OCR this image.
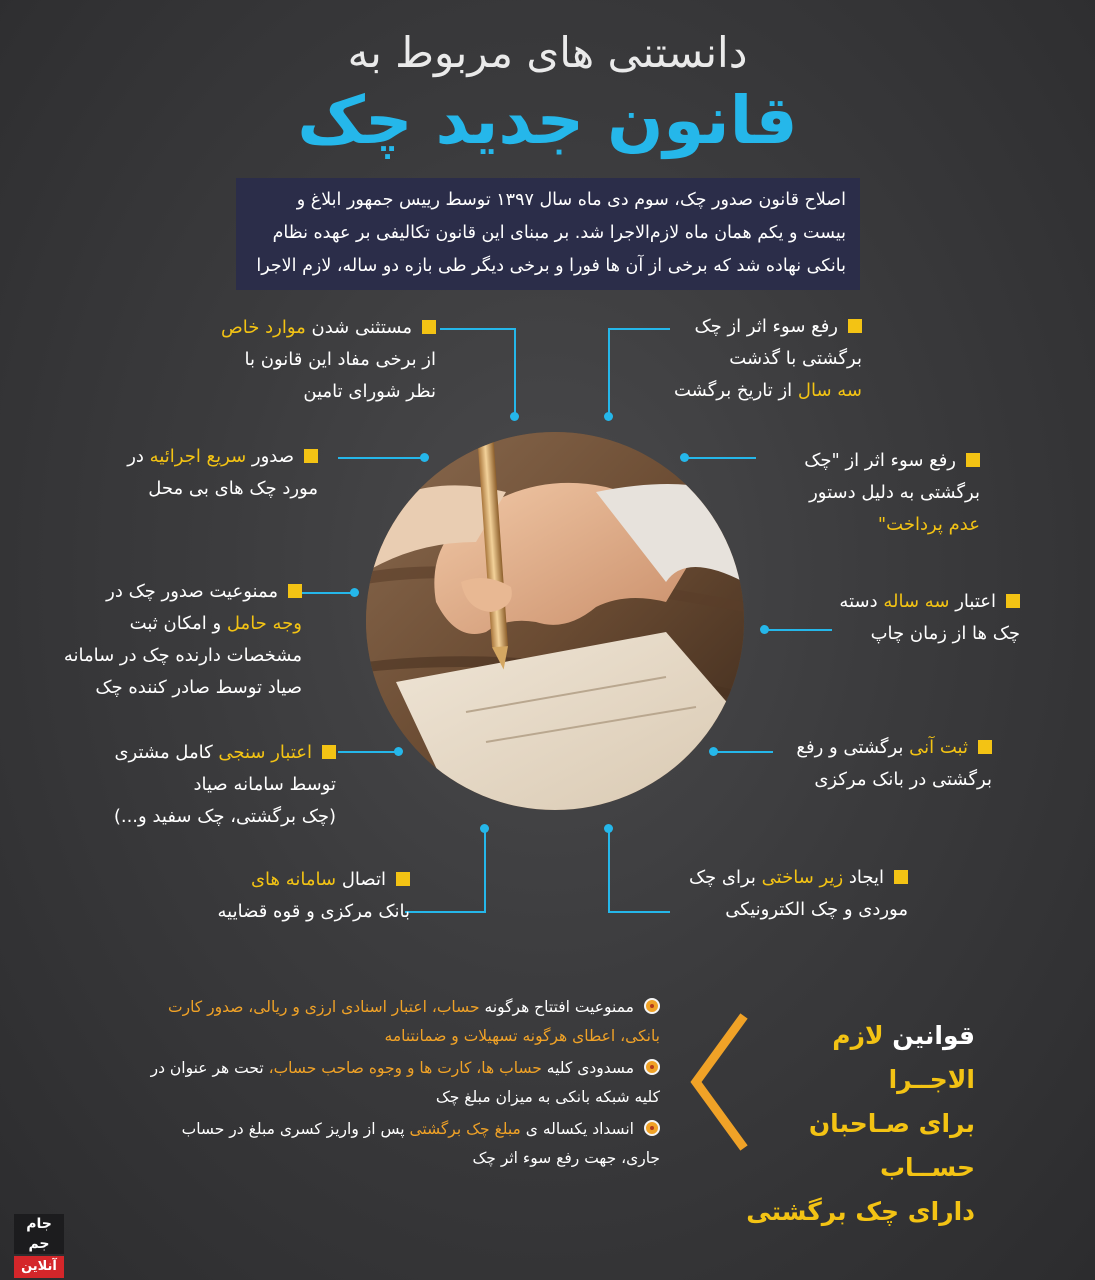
دانستنی های مربوط به
قانون جدید چک
اصلاح قانون صدور چک، سوم دی ماه سال ۱۳۹۷ توسط رییس جمهور ابلاغ و
بیست و یکم همان ماه لازم‌الاجرا شد. بر مبنای این قانون تکالیفی بر عهده نظام
بانکی نهاده شد که برخی از آن ها فورا و برخی دیگر طی بازه دو ساله، لازم الاجرا
رفع سوء اثر از چک
برگشتی با گذشت
سه سال از تاریخ برگشت
رفع سوء اثر از "چک
برگشتی به دلیل دستور
عدم پرداخت"
اعتبار سه ساله دسته
چک ها از زمان چاپ
ثبت آنی برگشتی و رفع
برگشتی در بانک مرکزی
ایجاد زیر ساختی برای چک
موردی و چک الکترونیکی
مستثنی شدن موارد خاص
از برخی مفاد این قانون با
نظر شورای تامین
صدور سریع اجرائیه در
مورد چک های بی محل
ممنوعیت صدور چک در
وجه حامل و امکان ثبت
مشخصات دارنده چک در سامانه
صیاد توسط صادر کننده چک
اعتبار سنجی کامل مشتری
توسط سامانه صیاد
(چک برگشتی، چک سفید و...)
اتصال سامانه های
بانک مرکزی و قوه قضاییه
قوانین لازم الاجــرا
برای صـاحبان حســاب
دارای چک برگشتی
ممنوعیت افتتاح هرگونه حساب، اعتبار اسنادی ارزی و ریالی، صدور کارت
بانکی، اعطای هرگونه تسهیلات و ضمانتنامه
مسدودی کلیه حساب ها، کارت ها و وجوه صاحب حساب، تحت هر عنوان در
کلیه شبکه بانکی به میزان مبلغ چک
انسداد یکساله ی مبلغ چک برگشتی پس از واریز کسری مبلغ در حساب
جاری، جهت رفع سوء اثر چک
جام جم
آنلاین
